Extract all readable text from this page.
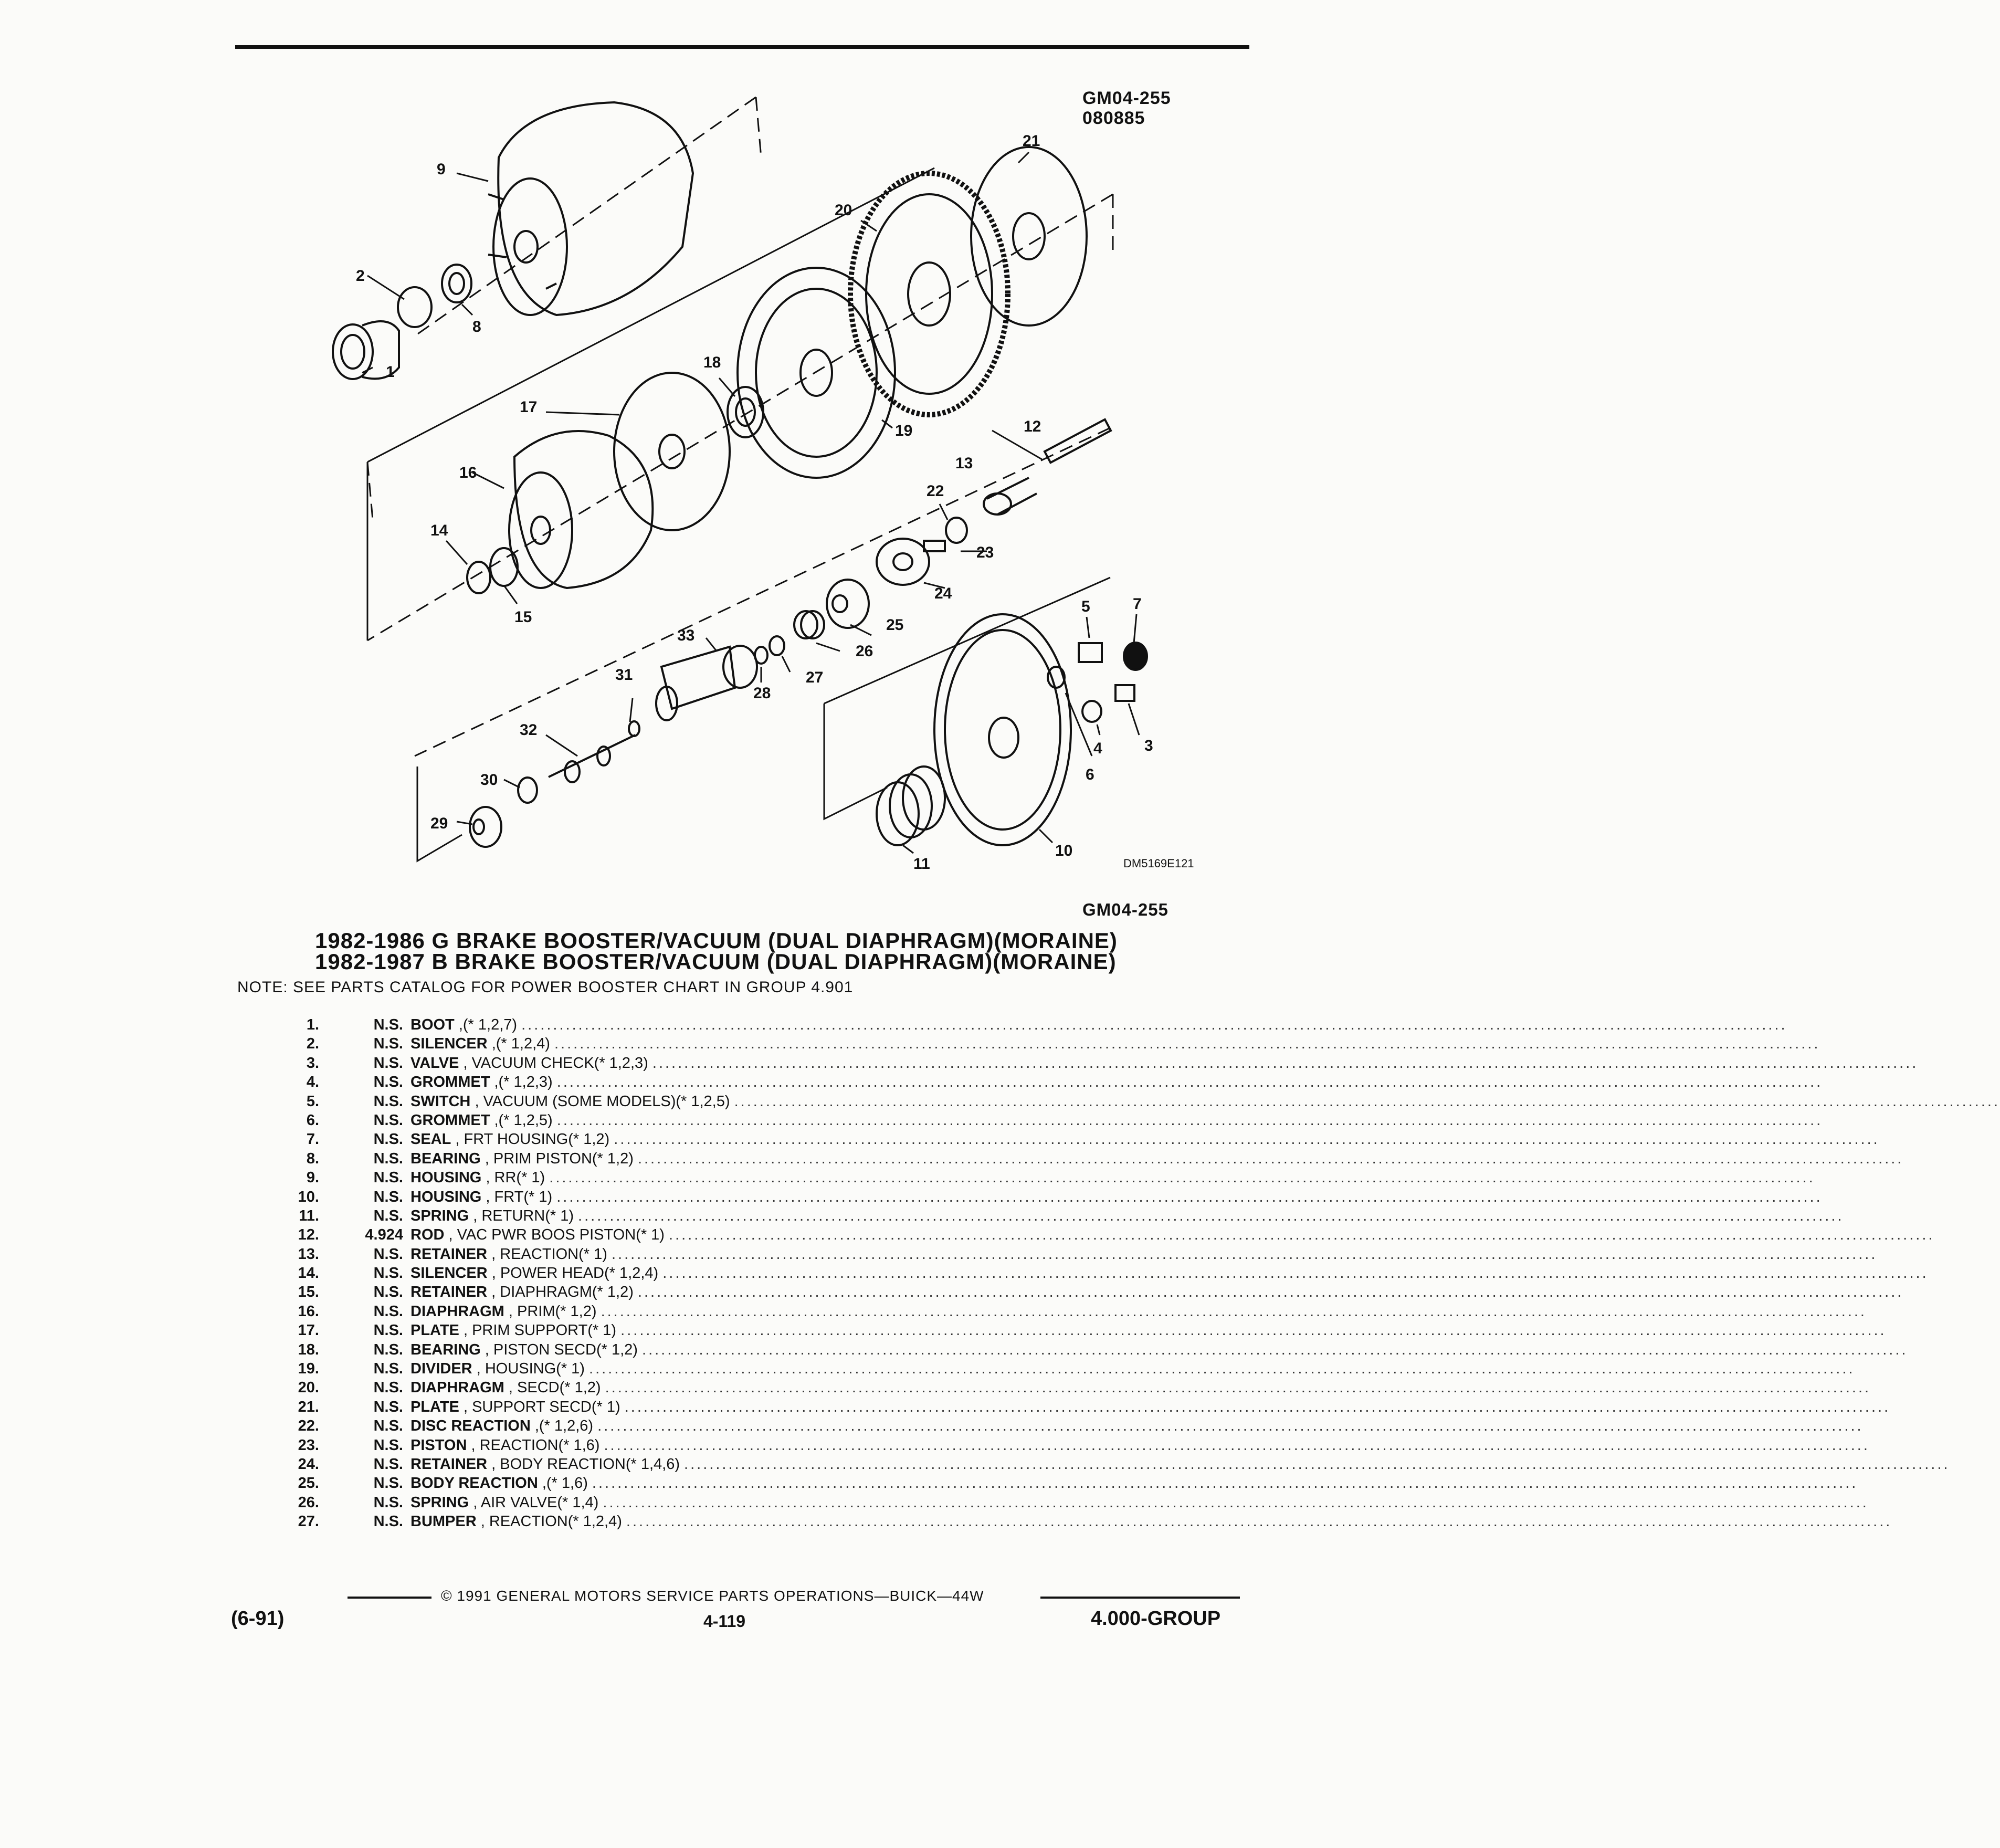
GM04-255
080885
1
2
3
4
5
6
7
8
9
10
11
12
13
14
15
16
17
18
19
20
21
22
23
24
25
26
27
28
29
30
31
32
33
DM5169E121
GM04-255
1982-1986 G BRAKE BOOSTER/VACUUM (DUAL DIAPHRAGM)(MORAINE)
1982-1987 B BRAKE BOOSTER/VACUUM (DUAL DIAPHRAGM)(MORAINE)
NOTE: SEE PARTS CATALOG FOR POWER BOOSTER CHART IN GROUP 4.901
1.	N.S. BOOT ,(* 1,2,7) ........................................................................................................................................................................................................
2.	N.S. SILENCER ,(* 1,2,4) ........................................................................................................................................................................................................
3.	N.S. VALVE , VACUUM CHECK(* 1,2,3) ........................................................................................................................................................................................................
4.	N.S. GROMMET ,(* 1,2,3) ........................................................................................................................................................................................................
5.	N.S. SWITCH , VACUUM (SOME MODELS)(* 1,2,5) ........................................................................................................................................................................................................
6.	N.S. GROMMET ,(* 1,2,5) ........................................................................................................................................................................................................
7.	N.S. SEAL , FRT HOUSING(* 1,2) ........................................................................................................................................................................................................
8.	N.S. BEARING , PRIM PISTON(* 1,2) ........................................................................................................................................................................................................
9.	N.S. HOUSING , RR(* 1) ........................................................................................................................................................................................................
10.	N.S. HOUSING , FRT(* 1) ........................................................................................................................................................................................................
11.	N.S. SPRING , RETURN(* 1) ........................................................................................................................................................................................................
12.	4.924 ROD , VAC PWR BOOS PISTON(* 1) ........................................................................................................................................................................................................
13.	N.S. RETAINER , REACTION(* 1) ........................................................................................................................................................................................................
14.	N.S. SILENCER , POWER HEAD(* 1,2,4) ........................................................................................................................................................................................................
15.	N.S. RETAINER , DIAPHRAGM(* 1,2) ........................................................................................................................................................................................................
16.	N.S. DIAPHRAGM , PRIM(* 1,2) ........................................................................................................................................................................................................
17.	N.S. PLATE , PRIM SUPPORT(* 1) ........................................................................................................................................................................................................
18.	N.S. BEARING , PISTON SECD(* 1,2) ........................................................................................................................................................................................................
19.	N.S. DIVIDER , HOUSING(* 1) ........................................................................................................................................................................................................
20.	N.S. DIAPHRAGM , SECD(* 1,2) ........................................................................................................................................................................................................
21.	N.S. PLATE , SUPPORT SECD(* 1) ........................................................................................................................................................................................................
22.	N.S. DISC REACTION ,(* 1,2,6) ........................................................................................................................................................................................................
23.	N.S. PISTON , REACTION(* 1,6) ........................................................................................................................................................................................................
24.	N.S. RETAINER , BODY REACTION(* 1,4,6) ........................................................................................................................................................................................................
25.	N.S. BODY REACTION ,(* 1,6) ........................................................................................................................................................................................................
26.	N.S. SPRING , AIR VALVE(* 1,4) ........................................................................................................................................................................................................
27.	N.S. BUMPER , REACTION(* 1,2,4) ........................................................................................................................................................................................................
© 1991 GENERAL MOTORS SERVICE PARTS OPERATIONS—BUICK—44W
(6-91)	4-119	4.000-GROUP
